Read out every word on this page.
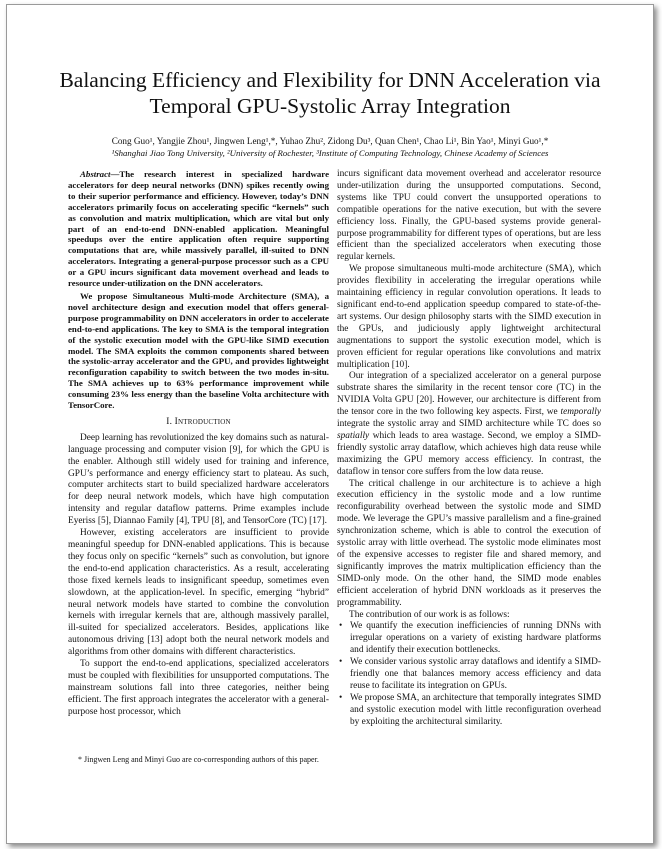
Balancing Efficiency and Flexibility for DNN Acceleration via
Temporal GPU-Systolic Array Integration
Cong Guo¹, Yangjie Zhou¹, Jingwen Leng¹,*, Yuhao Zhu², Zidong Du³, Quan Chen¹, Chao Li¹, Bin Yao¹, Minyi Guo¹,*
¹Shanghai Jiao Tong University, ²University of Rochester, ³Institute of Computing Technology, Chinese Academy of Sciences

Abstract—The research interest in specialized hardware accelerators for deep neural networks (DNN) spikes recently owing to their superior performance and efficiency. However, today’s DNN accelerators primarily focus on accelerating specific “kernels” such as convolution and matrix multiplication, which are vital but only part of an end-to-end DNN-enabled application. Meaningful speedups over the entire application often require supporting computations that are, while massively parallel, ill-suited to DNN accelerators. Integrating a general-purpose processor such as a CPU or a GPU incurs significant data movement overhead and leads to resource under-utilization on the DNN accelerators.

We propose Simultaneous Multi-mode Architecture (SMA), a novel architecture design and execution model that offers general-purpose programmability on DNN accelerators in order to accelerate end-to-end applications. The key to SMA is the temporal integration of the systolic execution model with the GPU-like SIMD execution model. The SMA exploits the common components shared between the systolic-array accelerator and the GPU, and provides lightweight reconfiguration capability to switch between the two modes in-situ. The SMA achieves up to 63% performance improvement while consuming 23% less energy than the baseline Volta architecture with TensorCore.

I. Introduction

Deep learning has revolutionized the key domains such as natural-language processing and computer vision [9], for which the GPU is the enabler. Although still widely used for training and inference, GPU’s performance and energy efficiency start to plateau. As such, computer architects start to build specialized hardware accelerators for deep neural network models, which have high computation intensity and regular dataflow patterns. Prime examples include Eyeriss [5], Diannao Family [4], TPU [8], and TensorCore (TC) [17].

However, existing accelerators are insufficient to provide meaningful speedup for DNN-enabled applications. This is because they focus only on specific “kernels” such as convolution, but ignore the end-to-end application characteristics. As a result, accelerating those fixed kernels leads to insignificant speedup, sometimes even slowdown, at the application-level. In specific, emerging “hybrid” neural network models have started to combine the convolution kernels with irregular kernels that are, although massively parallel, ill-suited for specialized accelerators. Besides, applications like autonomous driving [13] adopt both the neural network models and algorithms from other domains with different characteristics.

To support the end-to-end applications, specialized accelerators must be coupled with flexibilities for unsupported computations. The mainstream solutions fall into three categories, neither being efficient. The first approach integrates the accelerator with a general-purpose host processor, which

* Jingwen Leng and Minyi Guo are co-corresponding authors of this paper.

incurs significant data movement overhead and accelerator resource under-utilization during the unsupported computations. Second, systems like TPU could convert the unsupported operations to compatible operations for the native execution, but with the severe efficiency loss. Finally, the GPU-based systems provide general-purpose programmability for different types of operations, but are less efficient than the specialized accelerators when executing those regular kernels.

We propose simultaneous multi-mode architecture (SMA), which provides flexibility in accelerating the irregular operations while maintaining efficiency in regular convolution operations. It leads to significant end-to-end application speedup compared to state-of-the-art systems. Our design philosophy starts with the SIMD execution in the GPUs, and judiciously apply lightweight architectural augmentations to support the systolic execution model, which is proven efficient for regular operations like convolutions and matrix multiplication [10].

Our integration of a specialized accelerator on a general purpose substrate shares the similarity in the recent tensor core (TC) in the NVIDIA Volta GPU [20]. However, our architecture is different from the tensor core in the two following key aspects. First, we temporally integrate the systolic array and SIMD architecture while TC does so spatially which leads to area wastage. Second, we employ a SIMD-friendly systolic array dataflow, which achieves high data reuse while maximizing the GPU memory access efficiency. In contrast, the dataflow in tensor core suffers from the low data reuse.

The critical challenge in our architecture is to achieve a high execution efficiency in the systolic mode and a low runtime reconfigurability overhead between the systolic mode and SIMD mode. We leverage the GPU’s massive parallelism and a fine-grained synchronization scheme, which is able to control the execution of systolic array with little overhead. The systolic mode eliminates most of the expensive accesses to register file and shared memory, and significantly improves the matrix multiplication efficiency than the SIMD-only mode. On the other hand, the SIMD mode enables efficient acceleration of hybrid DNN workloads as it preserves the programmability.

The contribution of our work is as follows:

• We quantify the execution inefficiencies of running DNNs with irregular operations on a variety of existing hardware platforms and identify their execution bottlenecks.
• We consider various systolic array dataflows and identify a SIMD-friendly one that balances memory access efficiency and data reuse to facilitate its integration on GPUs.
• We propose SMA, an architecture that temporally integrates SIMD and systolic execution model with little reconfiguration overhead by exploiting the architectural similarity.
